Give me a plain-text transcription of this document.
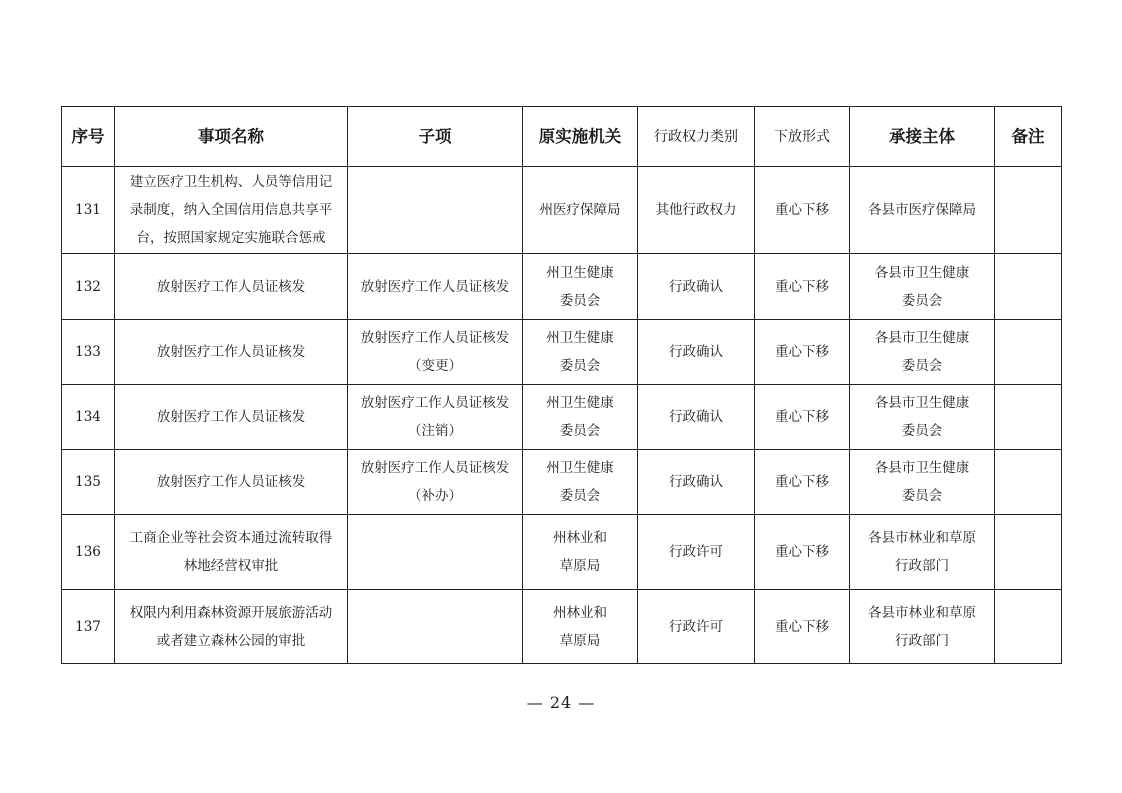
序号	事项名称	子项	原实施机关	行政权力类别	下放形式	承接主体	备注
131	建立医疗卫生机构、人员等信用记
录制度，纳入全国信用信息共享平
台，按照国家规定实施联合惩戒		州医疗保障局	其他行政权力	重心下移	各县市医疗保障局	
132	放射医疗工作人员证核发	放射医疗工作人员证核发	州卫生健康
委员会	行政确认	重心下移	各县市卫生健康
委员会	
133	放射医疗工作人员证核发	放射医疗工作人员证核发
（变更）	州卫生健康
委员会	行政确认	重心下移	各县市卫生健康
委员会	
134	放射医疗工作人员证核发	放射医疗工作人员证核发
（注销）	州卫生健康
委员会	行政确认	重心下移	各县市卫生健康
委员会	
135	放射医疗工作人员证核发	放射医疗工作人员证核发
（补办）	州卫生健康
委员会	行政确认	重心下移	各县市卫生健康
委员会	
136	工商企业等社会资本通过流转取得
林地经营权审批		州林业和
草原局	行政许可	重心下移	各县市林业和草原
行政部门	
137	权限内利用森林资源开展旅游活动
或者建立森林公园的审批		州林业和
草原局	行政许可	重心下移	各县市林业和草原
行政部门	
— 24 —
